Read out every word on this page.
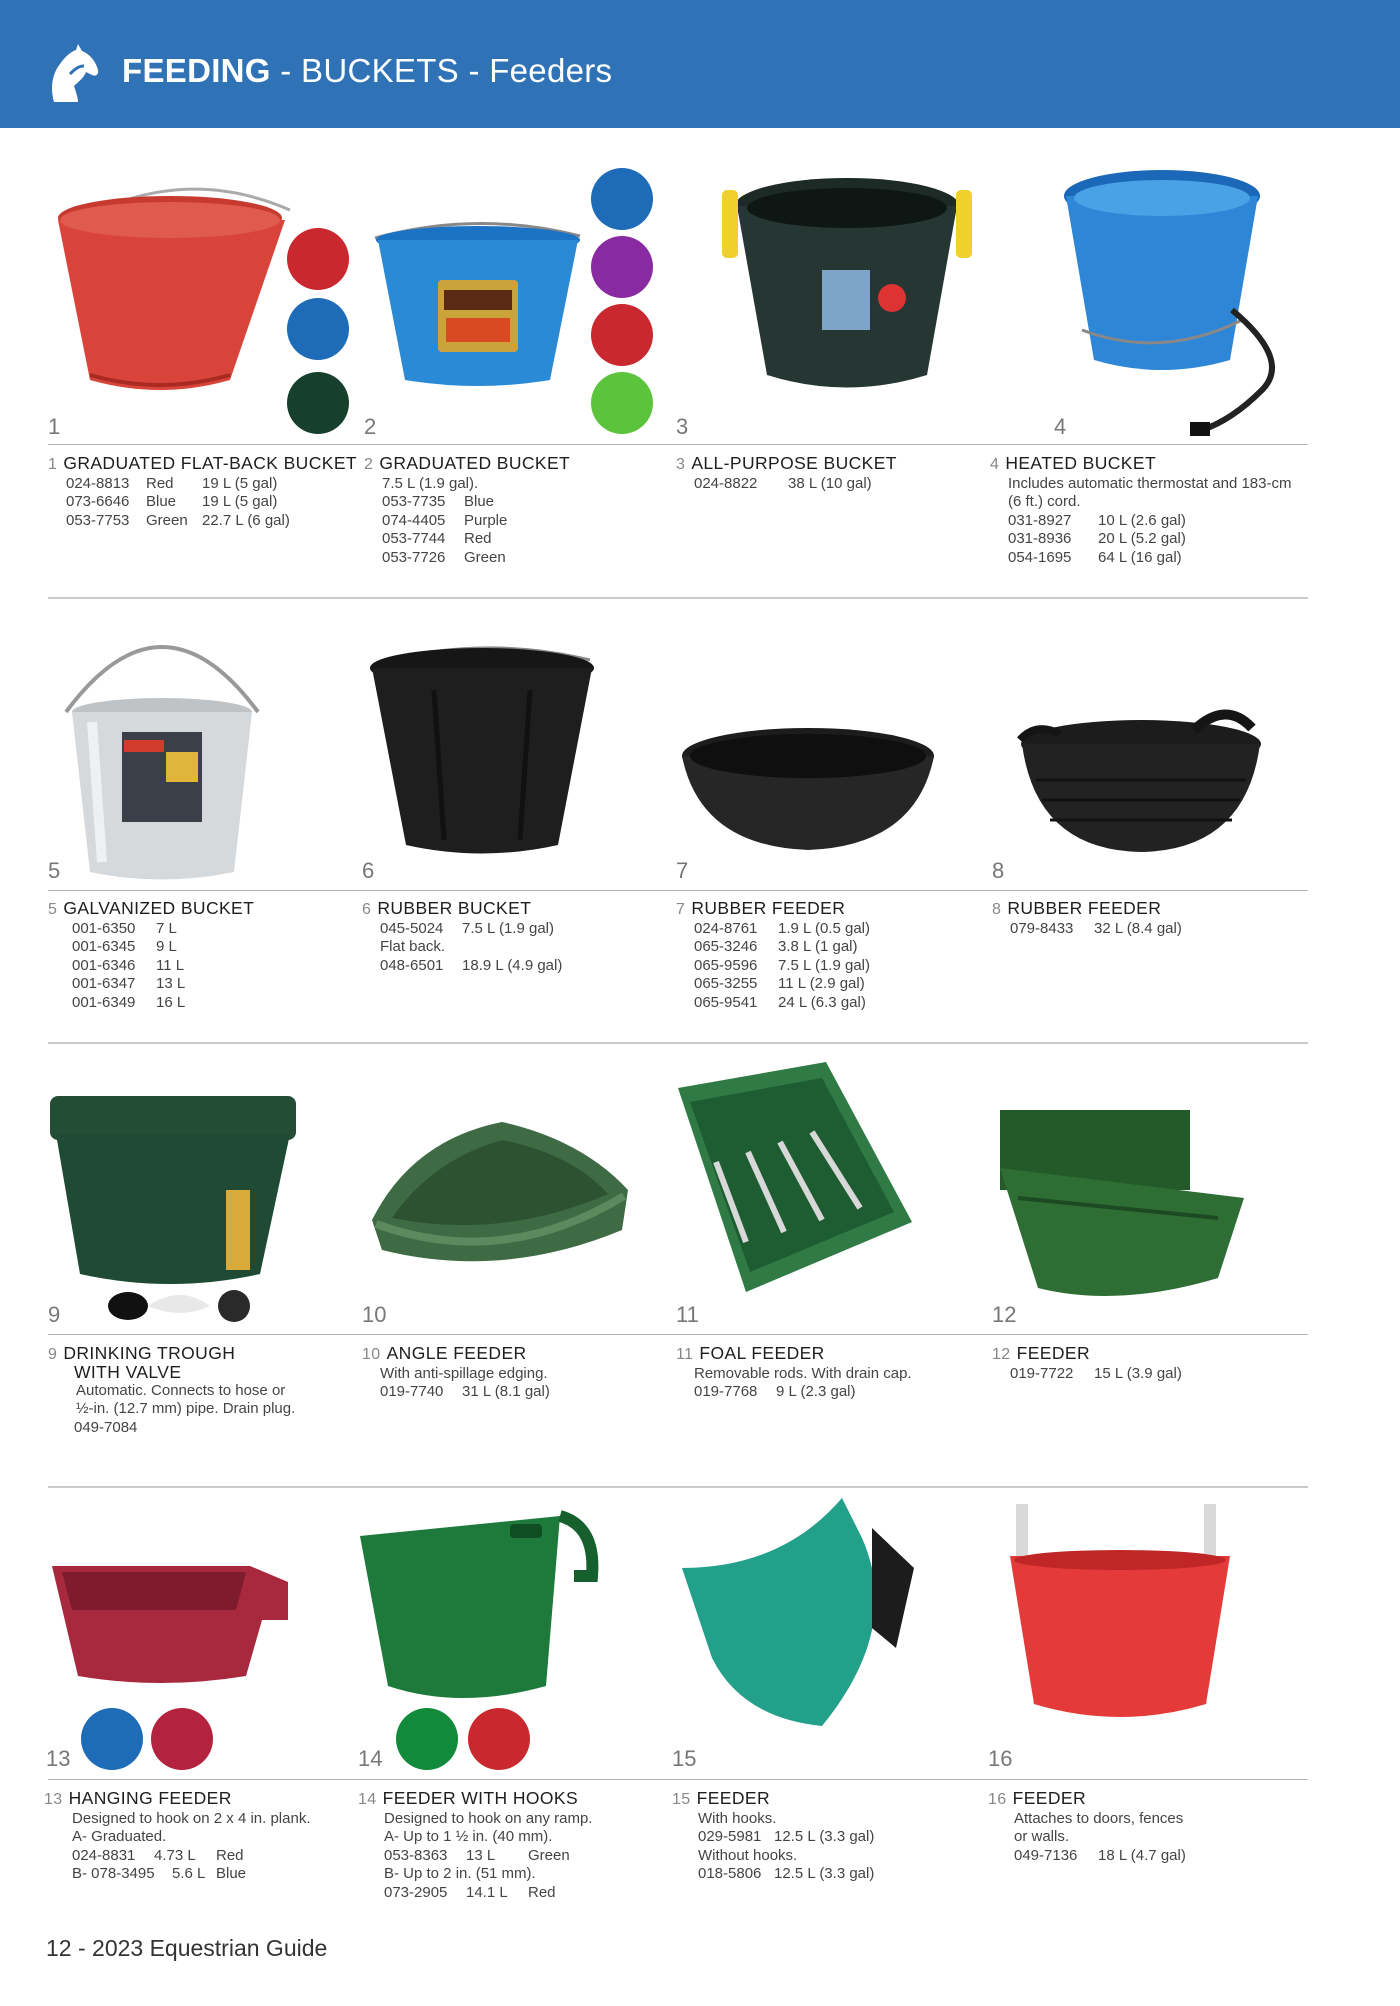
FEEDING - BUCKETS - Feeders
1	2	3	4
1 GRADUATED FLAT-BACK BUCKET
024-8813 Red 19 L (5 gal)
073-6646 Blue 19 L (5 gal)
053-7753 Green 22.7 L (6 gal)
2 GRADUATED BUCKET
7.5 L (1.9 gal).
053-7735 Blue
074-4405 Purple
053-7744 Red
053-7726 Green
3 ALL-PURPOSE BUCKET
024-8822 38 L (10 gal)
4 HEATED BUCKET
Includes automatic thermostat and 183-cm
(6 ft.) cord.
031-8927 10 L (2.6 gal)
031-8936 20 L (5.2 gal)
054-1695 64 L (16 gal)
5	6	7	8
5 GALVANIZED BUCKET
001-6350 7 L
001-6345 9 L
001-6346 11 L
001-6347 13 L
001-6349 16 L
6 RUBBER BUCKET
045-5024 7.5 L (1.9 gal)
Flat back.
048-6501 18.9 L (4.9 gal)
7 RUBBER FEEDER
024-8761 1.9 L (0.5 gal)
065-3246 3.8 L (1 gal)
065-9596 7.5 L (1.9 gal)
065-3255 11 L (2.9 gal)
065-9541 24 L (6.3 gal)
8 RUBBER FEEDER
079-8433 32 L (8.4 gal)
9	10	11	12
9 DRINKING TROUGH
WITH VALVE
Automatic. Connects to hose or
½-in. (12.7 mm) pipe. Drain plug.
049-7084
10 ANGLE FEEDER
With anti-spillage edging.
019-7740 31 L (8.1 gal)
11 FOAL FEEDER
Removable rods. With drain cap.
019-7768 9 L (2.3 gal)
12 FEEDER
019-7722 15 L (3.9 gal)
13	14	15	16
13 HANGING FEEDER
Designed to hook on 2 x 4 in. plank.
A- Graduated.
024-8831 4.73 L Red
B- 078-3495 5.6 L Blue
14 FEEDER WITH HOOKS
Designed to hook on any ramp.
A- Up to 1 ½ in. (40 mm).
053-8363 13 L Green
B- Up to 2 in. (51 mm).
073-2905 14.1 L Red
15 FEEDER
With hooks.
029-5981 12.5 L (3.3 gal)
Without hooks.
018-5806 12.5 L (3.3 gal)
16 FEEDER
Attaches to doors, fences
or walls.
049-7136 18 L (4.7 gal)
12 - 2023 Equestrian Guide
